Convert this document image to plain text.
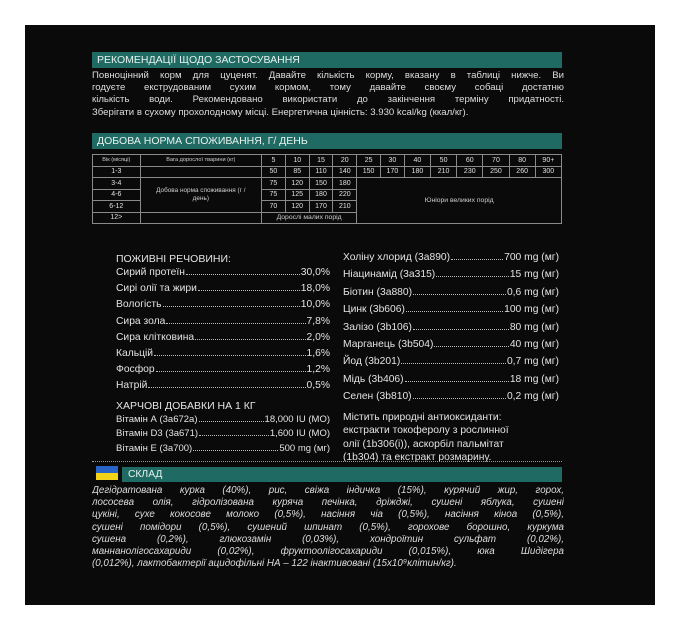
РЕКОМЕНДАЦІЇ ЩОДО ЗАСТОСУВАННЯ
Повноцінний корм для цуценят. Давайте кількість корму, вказану в таблиці нижче. Ви
годуєте екструдованим сухим кормом, тому давайте своєму собаці достатню
кількість води. Рекомендовано використати до закінчення терміну придатності.
Зберігати в сухому прохолодному місці. Енергетична цінність: 3.930 kcal/kg (ккал/кг).
ДОБОВА НОРМА СПОЖИВАННЯ, Г/ ДЕНЬ
Вік (місяці)	Вага дорослої тварини (кг)	5	10	15	20	25	30	40	50	60	70	80	90+
1-3		50	85	110	140	150	170	180	210	230	250	260	300
3-4	Добова норма споживання (г / день)	75	120	150	180	Юніори великих порід							
4-6		75	125	180	220								
6-12		70	120	170	210								
12>		Дорослі малих порід											
ПОЖИВНІ РЕЧОВИНИ:
Сирий протеїн	30,0%
Сирі олії та жири	18,0%
Вологість	10,0%
Сира зола	7,8%
Сира клітковина	2,0%
Кальцій	1,6%
Фосфор	1,2%
Натрій	0,5%
ХАРЧОВІ ДОБАВКИ НА 1 КГ
Вітамін А (3а672а)	18,000 IU (МО)
Вітамін D3 (3а671)	1,600 IU (МО)
Вітамін Е (3а700)	500 mg (мг)
Холіну хлорид (3а890)	700 mg (мг)
Ніацинамід (3а315)	15 mg (мг)
Біотин (3а880)	0,6 mg (мг)
Цинк (3b606)	100 mg (мг)
Залізо (3b106)	80 mg (мг)
Марганець (3b504)	40 mg (мг)
Йод (3b201)	0,7 mg (мг)
Мідь (3b406)	18 mg (мг)
Селен (3b810)	0,2 mg (мг)
Містить природні антиоксиданти:
екстракти токоферолу з рослинної
олії (1b306(i)), аскорбіл пальмітат
(1b304) та екстракт розмарину.
СКЛАД
Дегідратована курка (40%), рис, свіжа індичка (15%), курячий жир, горох,
лососева олія, гідролізована куряча печінка, дріжджі, сушені яблука, сушені
цукіні, сухе кокосове молоко (0,5%), насіння чіа (0,5%), насіння кіноа (0,5%),
сушені помідори (0,5%), сушений шпинат (0,5%), горохове борошно, куркума
сушена (0,2%), глюкозамін (0,03%), хондроїтин сульфат (0,02%),
маннанолігосахариди (0,02%), фруктоолігосахариди (0,015%), юка Шидігера
(0,012%), лактобактерії ацидофільні НА – 122 інактивовані (15x10⁹клітин/кг).
